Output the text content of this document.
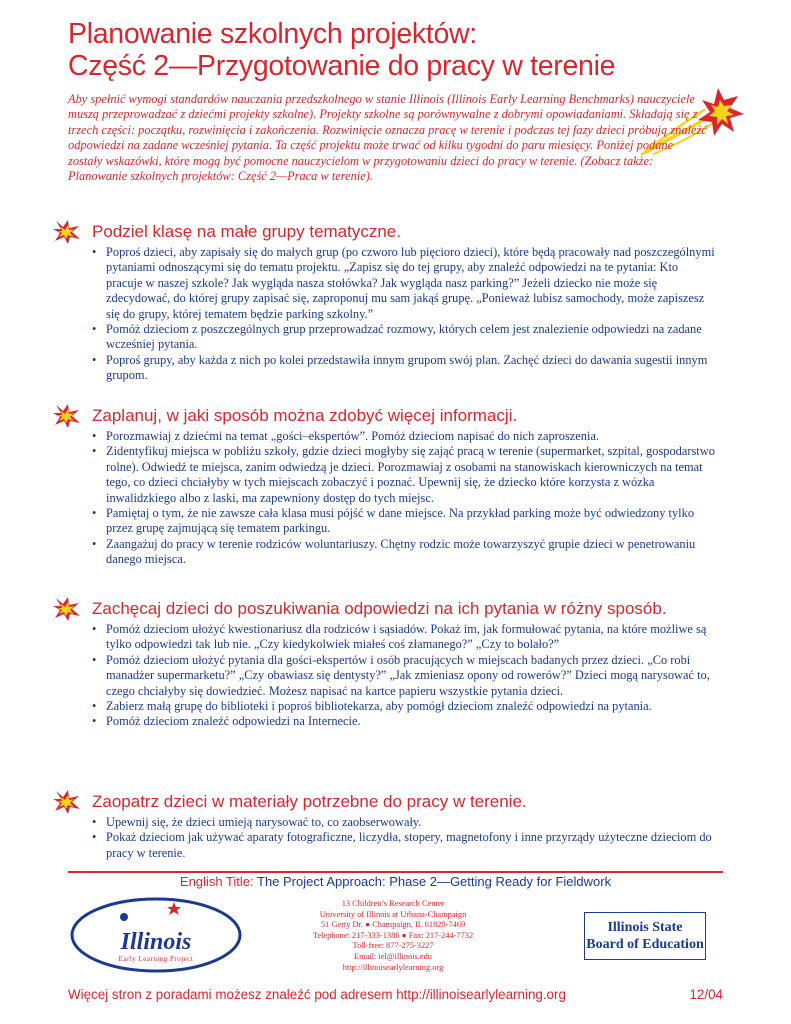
Planowanie szkolnych projektów:
Część 2—Przygotowanie do pracy w terenie
Aby spełnić wymogi standardów nauczania przedszkolnego w stanie Illinois (Illinois Early Learning Benchmarks) nauczyciele muszą przeprowadzać z dziećmi projekty szkolne). Projekty szkolne są porównywalne z dobrymi opowiadaniami. Składają się z trzech części: początku, rozwinięcia i zakończenia. Rozwinięcie oznacza pracę w terenie i podczas tej fazy dzieci próbują znaleźć odpowiedzi na zadane wcześniej pytania. Ta część projektu może trwać od kilku tygodni do paru miesięcy. Poniżej podane zostały wskazówki, które mogą być pomocne nauczycielom w przygotowaniu dzieci do pracy w terenie. (Zobacz także: Planowanie szkolnych projektów: Część 2—Praca w terenie).
Podziel klasę na małe grupy tematyczne.
• Poproś dzieci, aby zapisały się do małych grup (po czworo lub pięcioro dzieci), które będą pracowały nad poszczególnymi pytaniami odnoszącymi się do tematu projektu. „Zapisz się do tej grupy, aby znaleźć odpowiedzi na te pytania: Kto pracuje w naszej szkole? Jak wygląda nasza stołówka? Jak wygląda nasz parking?” Jeżeli dziecko nie może się zdecydować, do której grupy zapisać się, zaproponuj mu sam jakąś grupę. „Ponieważ lubisz samochody, może zapiszesz się do grupy, której tematem będzie parking szkolny.”
• Pomóż dzieciom z poszczególnych grup przeprowadzać rozmowy, których celem jest znalezienie odpowiedzi na zadane wcześniej pytania.
• Poproś grupy, aby każda z nich po kolei przedstawiła innym grupom swój plan. Zachęć dzieci do dawania sugestii innym grupom.
Zaplanuj, w jaki sposób można zdobyć więcej informacji.
• Porozmawiaj z dziećmi na temat „gości–ekspertów”. Pomóż dzieciom napisać do nich zaproszenia.
• Zidentyfikuj miejsca w pobliżu szkoły, gdzie dzieci mogłyby się zająć pracą w terenie (supermarket, szpital, gospodarstwo rolne). Odwiedź te miejsca, zanim odwiedzą je dzieci. Porozmawiaj z osobami na stanowiskach kierowniczych na temat tego, co dzieci chciałyby w tych miejscach zobaczyć i poznać. Upewnij się, że dziecko które korzysta z wózka inwalidzkiego albo z laski, ma zapewniony dostęp do tych miejsc.
• Pamiętaj o tym, że nie zawsze cała klasa musi pójść w dane miejsce. Na przykład parking może być odwiedzony tylko przez grupę zajmującą się tematem parkingu.
• Zaangażuj do pracy w terenie rodziców woluntariuszy. Chętny rodzic może towarzyszyć grupie dzieci w penetrowaniu danego miejsca.
Zachęcaj dzieci do poszukiwania odpowiedzi na ich pytania w różny sposób.
• Pomóż dzieciom ułożyć kwestionariusz dla rodziców i sąsiadów. Pokaż im, jak formułować pytania, na które możliwe są tylko odpowiedzi tak lub nie. „Czy kiedykolwiek miałeś coś złamanego?” „Czy to bolało?”
• Pomóż dzieciom ułożyć pytania dla gości-ekspertów i osób pracujących w miejscach badanych przez dzieci. „Co robi manadżer supermarketu?” „Czy obawiasz się dentysty?” „Jak zmieniasz opony od rowerów?” Dzieci mogą narysować to, czego chciałyby się dowiedzieć. Możesz napisać na kartce papieru wszystkie pytania dzieci.
• Zabierz małą grupę do biblioteki i poproś bibliotekarza, aby pomógł dzieciom znaleźć odpowiedzi na pytania.
• Pomóż dzieciom znaleźć odpowiedzi na Internecie.
Zaopatrz dzieci w materiały potrzebne do pracy w terenie.
• Upewnij się, że dzieci umieją narysować to, co zaobserwowały.
• Pokaż dzieciom jak używać aparaty fotograficzne, liczydła, stopery, magnetofony i inne przyrządy użyteczne dzieciom do pracy w terenie.
English Title: The Project Approach: Phase 2—Getting Ready for Fieldwork
Illinois
Early Learning Project
13 Children’s Research Center
University of Illinois at Urbana-Champaign
51 Gerty Dr. ● Champaign, IL 61820-7469
Telephone: 217-333-1386 ● Fax: 217-244-7732
Toll-free: 877-275-3227
Email: iel@illinois.edu
http://illinoisearlylearning.org
Illinois State
Board of Education
Więcej stron z poradami możesz znaleźć pod adresem http://illinoisearlylearning.org	12/04
